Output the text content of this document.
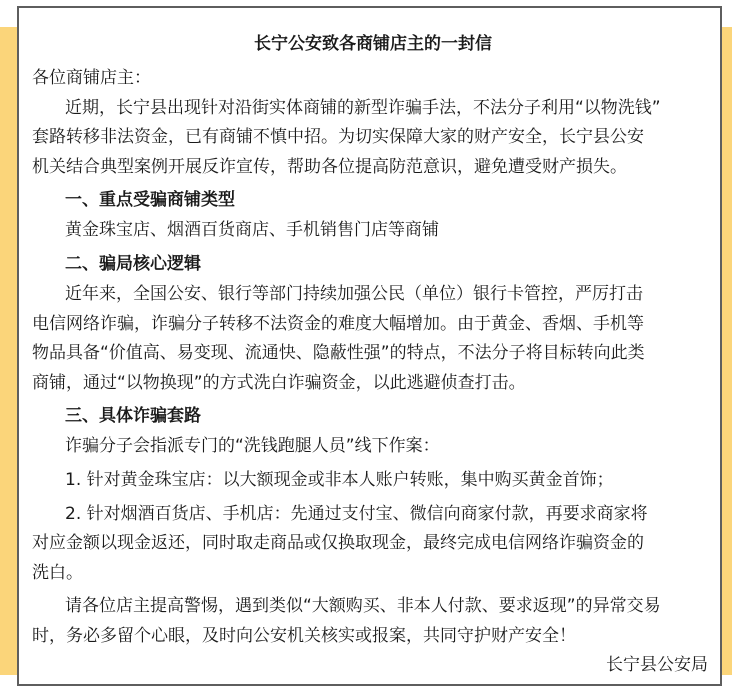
长宁公安致各商铺店主的一封信
各位商铺店主：
近期，长宁县出现针对沿街实体商铺的新型诈骗手法，不法分子利用“以物洗钱”
套路转移非法资金，已有商铺不慎中招。为切实保障大家的财产安全，长宁县公安
机关结合典型案例开展反诈宣传，帮助各位提高防范意识，避免遭受财产损失。
一、重点受骗商铺类型
黄金珠宝店、烟酒百货商店、手机销售门店等商铺
二、骗局核心逻辑
近年来，全国公安、银行等部门持续加强公民（单位）银行卡管控，严厉打击
电信网络诈骗，诈骗分子转移不法资金的难度大幅增加。由于黄金、香烟、手机等
物品具备“价值高、易变现、流通快、隐蔽性强”的特点，不法分子将目标转向此类
商铺，通过“以物换现”的方式洗白诈骗资金，以此逃避侦查打击。
三、具体诈骗套路
诈骗分子会指派专门的“洗钱跑腿人员”线下作案：
1. 针对黄金珠宝店：以大额现金或非本人账户转账，集中购买黄金首饰；
2. 针对烟酒百货店、手机店：先通过支付宝、微信向商家付款，再要求商家将
对应金额以现金返还，同时取走商品或仅换取现金，最终完成电信网络诈骗资金的
洗白。
请各位店主提高警惕，遇到类似“大额购买、非本人付款、要求返现”的异常交易
时，务必多留个心眼，及时向公安机关核实或报案，共同守护财产安全！
长宁县公安局
